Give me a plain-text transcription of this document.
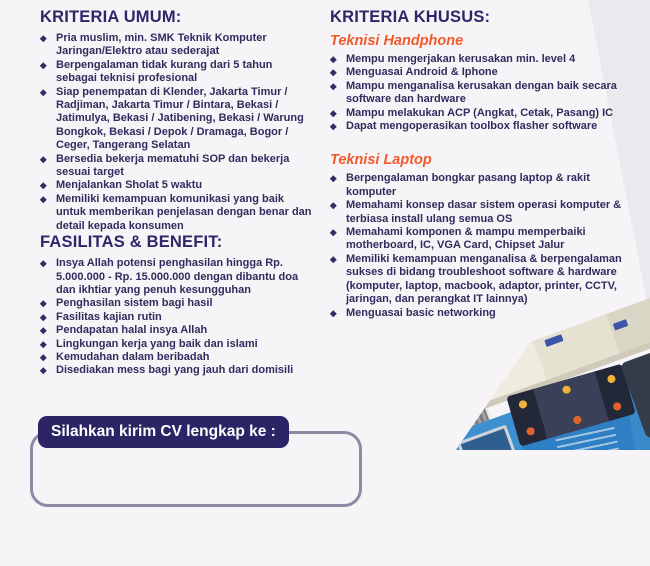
KRITERIA UMUM:
◆ Pria muslim, min. SMK Teknik Komputer Jaringan/Elektro atau sederajat
◆ Berpengalaman tidak kurang dari 5 tahun sebagai teknisi profesional
◆ Siap penempatan di Klender, Jakarta Timur / Radjiman, Jakarta Timur / Bintara, Bekasi / Jatimulya, Bekasi / Jatibening, Bekasi / Warung Bongkok, Bekasi / Depok / Dramaga, Bogor / Ceger, Tangerang Selatan
◆ Bersedia bekerja mematuhi SOP dan bekerja sesuai target
◆ Menjalankan Sholat 5 waktu
◆ Memiliki kemampuan komunikasi yang baik untuk memberikan penjelasan dengan benar dan detail kepada konsumen
FASILITAS & BENEFIT:
◆ Insya Allah potensi penghasilan hingga Rp. 5.000.000 - Rp. 15.000.000 dengan dibantu doa dan ikhtiar yang penuh kesungguhan
◆ Penghasilan sistem bagi hasil
◆ Fasilitas kajian rutin
◆ Pendapatan halal insya Allah
◆ Lingkungan kerja yang baik dan islami
◆ Kemudahan dalam beribadah
◆ Disediakan mess bagi yang jauh dari domisili
KRITERIA KHUSUS:
Teknisi Handphone
◆ Mempu mengerjakan kerusakan min. level 4
◆ Menguasai Android & Iphone
◆ Mampu menganalisa kerusakan dengan baik secara software dan hardware
◆ Mampu melakukan ACP (Angkat, Cetak, Pasang) IC
◆ Dapat mengoperasikan toolbox flasher software
Teknisi Laptop
◆ Berpengalaman bongkar pasang laptop & rakit komputer
◆ Memahami konsep dasar sistem operasi komputer & terbiasa install ulang semua OS
◆ Memahami komponen & mampu memperbaiki motherboard, IC, VGA Card, Chipset Jalur
◆ Memiliki kemampuan menganalisa & berpengalaman sukses di bidang troubleshoot software & hardware (komputer, laptop, macbook, adaptor, printer, CCTV, jaringan, dan perangkat IT lainnya)
◆ Menguasai basic networking
Silahkan kirim CV lengkap ke :
